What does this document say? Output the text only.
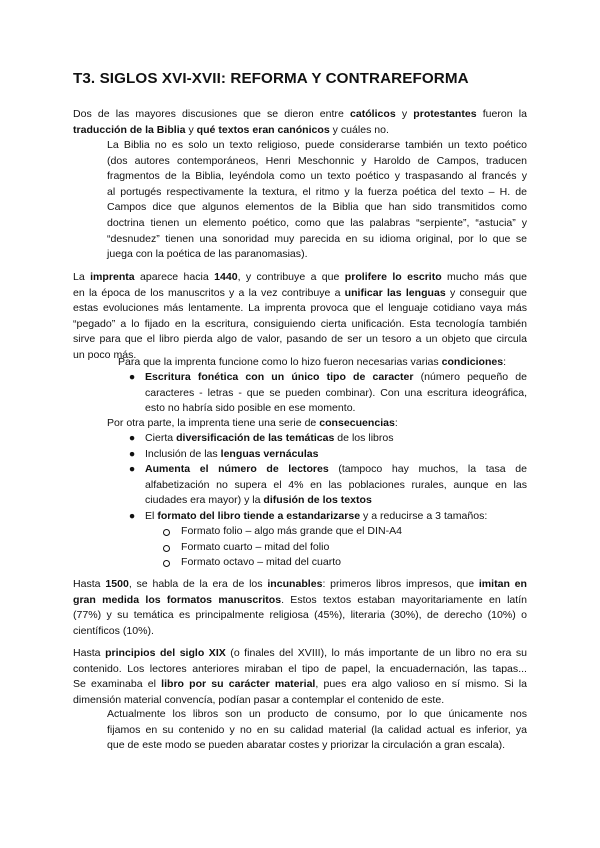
T3. SIGLOS XVI-XVII: REFORMA Y CONTRAREFORMA

Dos de las mayores discusiones que se dieron entre católicos y protestantes fueron la
traducción de la Biblia y qué textos eran canónicos y cuáles no.

La Biblia no es solo un texto religioso, puede considerarse también un texto poético
(dos autores contemporáneos, Henri Meschonnic y Haroldo de Campos, traducen
fragmentos de la Biblia, leyéndola como un texto poético y traspasando al francés y
al portugés respectivamente la textura, el ritmo y la fuerza poética del texto – H. de
Campos dice que algunos elementos de la Biblia que han sido transmitidos como
doctrina tienen un elemento poético, como que las palabras “serpiente”, “astucia” y
“desnudez” tienen una sonoridad muy parecida en su idioma original, por lo que se
juega con la poética de las paranomasias).

La imprenta aparece hacia 1440, y contribuye a que prolifere lo escrito mucho más que
en la época de los manuscritos y a la vez contribuye a unificar las lenguas y conseguir que
estas evoluciones más lentamente. La imprenta provoca que el lenguaje cotidiano vaya más
“pegado” a lo fijado en la escritura, consiguiendo cierta unificación. Esta tecnología también
sirve para que el libro pierda algo de valor, pasando de ser un tesoro a un objeto que circula
un poco más.

Para que la imprenta funcione como lo hizo fueron necesarias varias condiciones:

● Escritura fonética con un único tipo de caracter (número pequeño de
caracteres - letras - que se pueden combinar). Con una escritura ideográfica,
esto no habría sido posible en ese momento.

Por otra parte, la imprenta tiene una serie de consecuencias:

● Cierta diversificación de las temáticas de los libros
● Inclusión de las lenguas vernáculas
● Aumenta el número de lectores (tampoco hay muchos, la tasa de
alfabetización no supera el 4% en las poblaciones rurales, aunque en las
ciudades era mayor) y la difusión de los textos
● El formato del libro tiende a estandarizarse y a reducirse a 3 tamaños:
Formato folio – algo más grande que el DIN-A4
Formato cuarto – mitad del folio
Formato octavo – mitad del cuarto

Hasta 1500, se habla de la era de los incunables: primeros libros impresos, que imitan en
gran medida los formatos manuscritos. Estos textos estaban mayoritariamente en latín
(77%) y su temática es principalmente religiosa (45%), literaria (30%), de derecho (10%) o
científicos (10%).

Hasta principios del siglo XIX (o finales del XVIII), lo más importante de un libro no era su
contenido. Los lectores anteriores miraban el tipo de papel, la encuadernación, las tapas...
Se examinaba el libro por su carácter material, pues era algo valioso en sí mismo. Si la
dimensión material convencía, podían pasar a contemplar el contenido de este.

Actualmente los libros son un producto de consumo, por lo que únicamente nos
fijamos en su contenido y no en su calidad material (la calidad actual es inferior, ya
que de este modo se pueden abaratar costes y priorizar la circulación a gran escala).
